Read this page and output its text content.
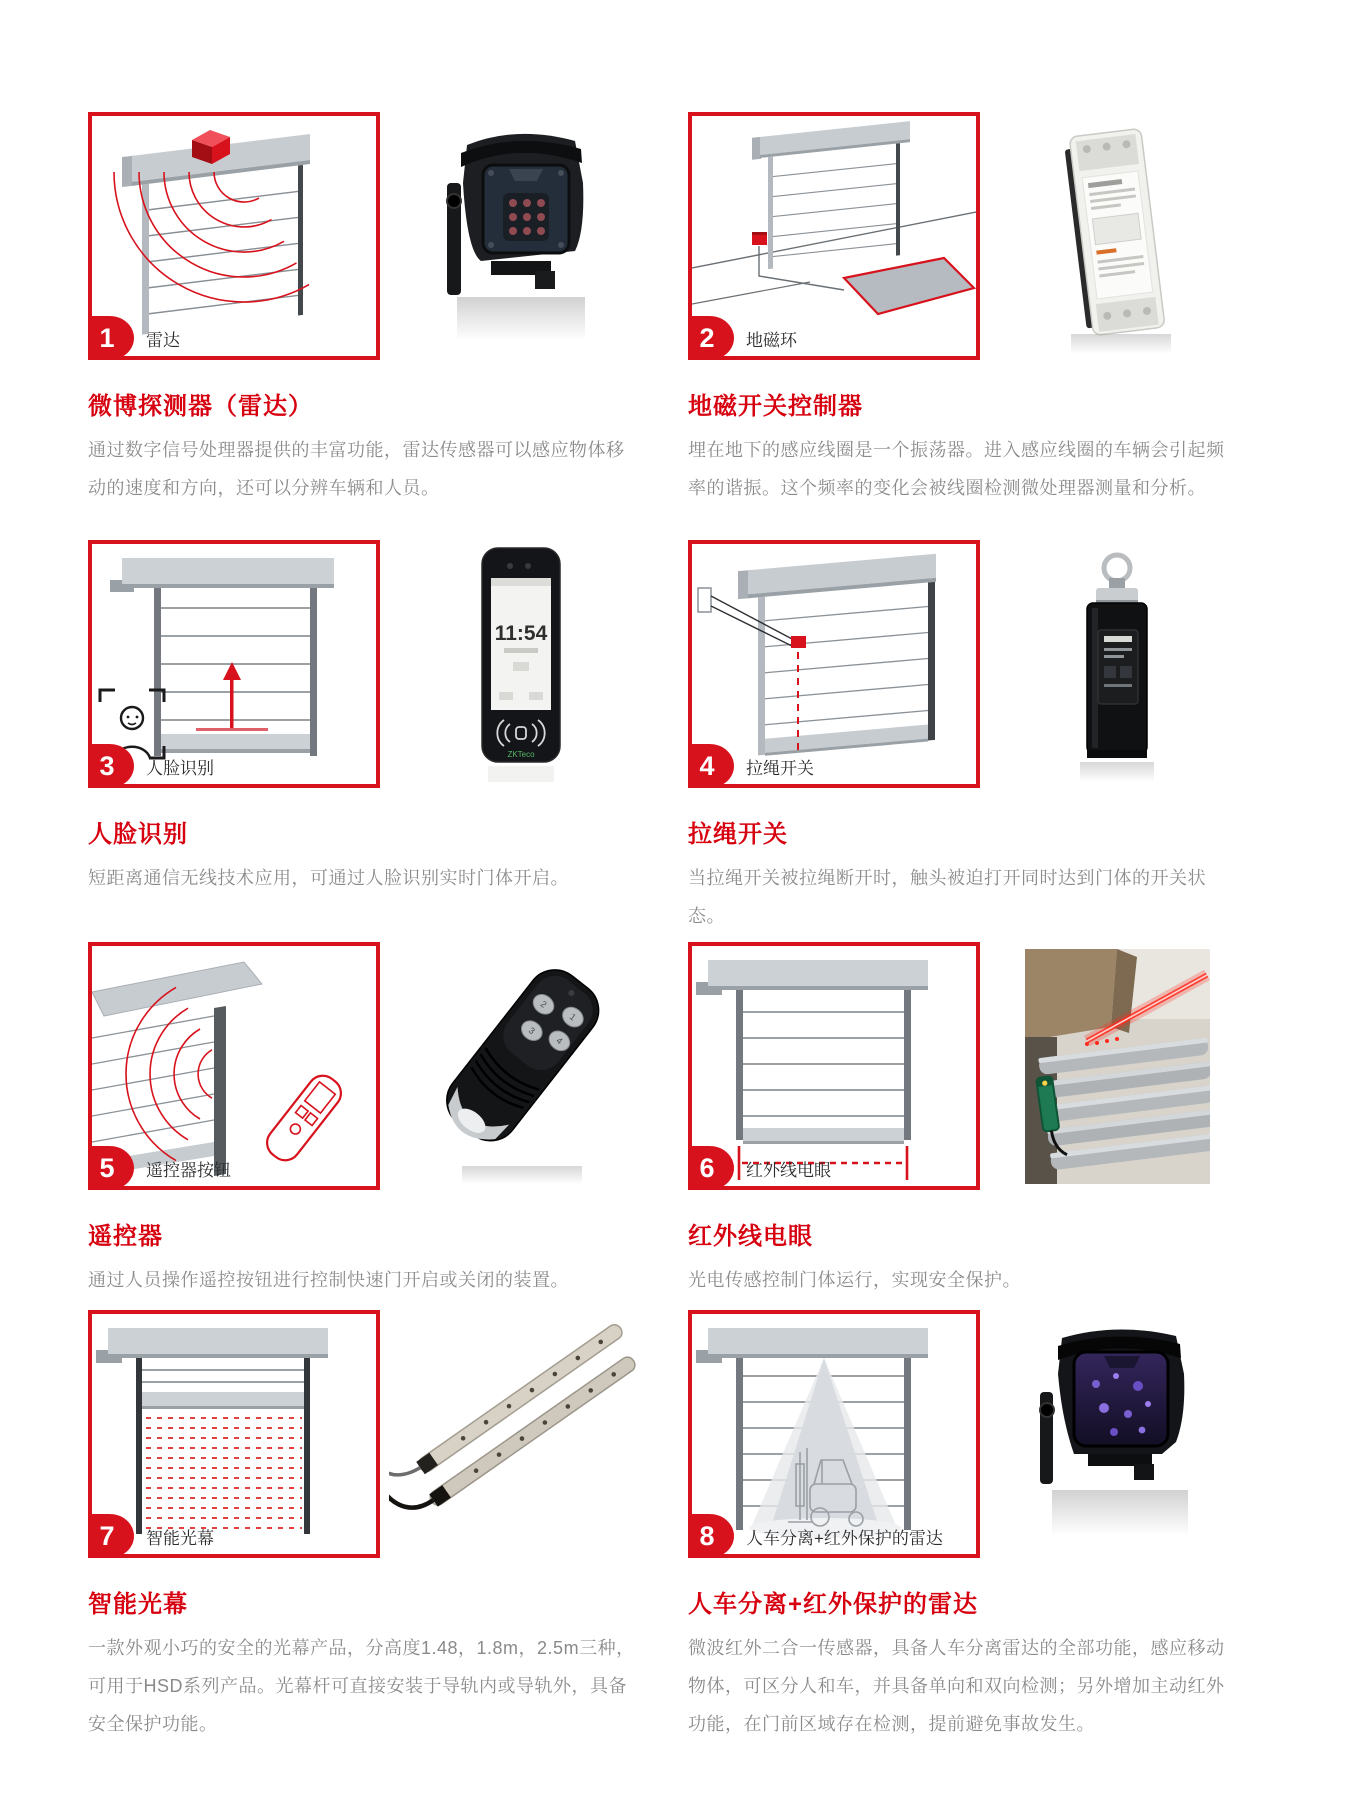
1	雷达
微博探测器（雷达）

通过数字信号处理器提供的丰富功能，雷达传感器可以感应物体移动的速度和方向，还可以分辨车辆和人员。

2	地磁环
地磁开关控制器

埋在地下的感应线圈是一个振荡器。进入感应线圈的车辆会引起频率的谐振。这个频率的变化会被线圈检测微处理器测量和分析。

3	人脸识别
11:54
ZKTeco
人脸识别

短距离通信无线技术应用，可通过人脸识别实时门体开启。

4	拉绳开关
拉绳开关

当拉绳开关被拉绳断开时，触头被迫打开同时达到门体的开关状态。

5	遥控器按钮
1
2
3
4
遥控器

通过人员操作遥控按钮进行控制快速门开启或关闭的装置。

6	红外线电眼
红外线电眼

光电传感控制门体运行，实现安全保护。

7	智能光幕
智能光幕

一款外观小巧的安全的光幕产品，分高度1.48，1.8m，2.5m三种，可用于HSD系列产品。光幕杆可直接安装于导轨内或导轨外，具备安全保护功能。

8	人车分离+红外保护的雷达
人车分离+红外保护的雷达

微波红外二合一传感器，具备人车分离雷达的全部功能，感应移动物体，可区分人和车，并具备单向和双向检测；另外增加主动红外功能，在门前区域存在检测，提前避免事故发生。
